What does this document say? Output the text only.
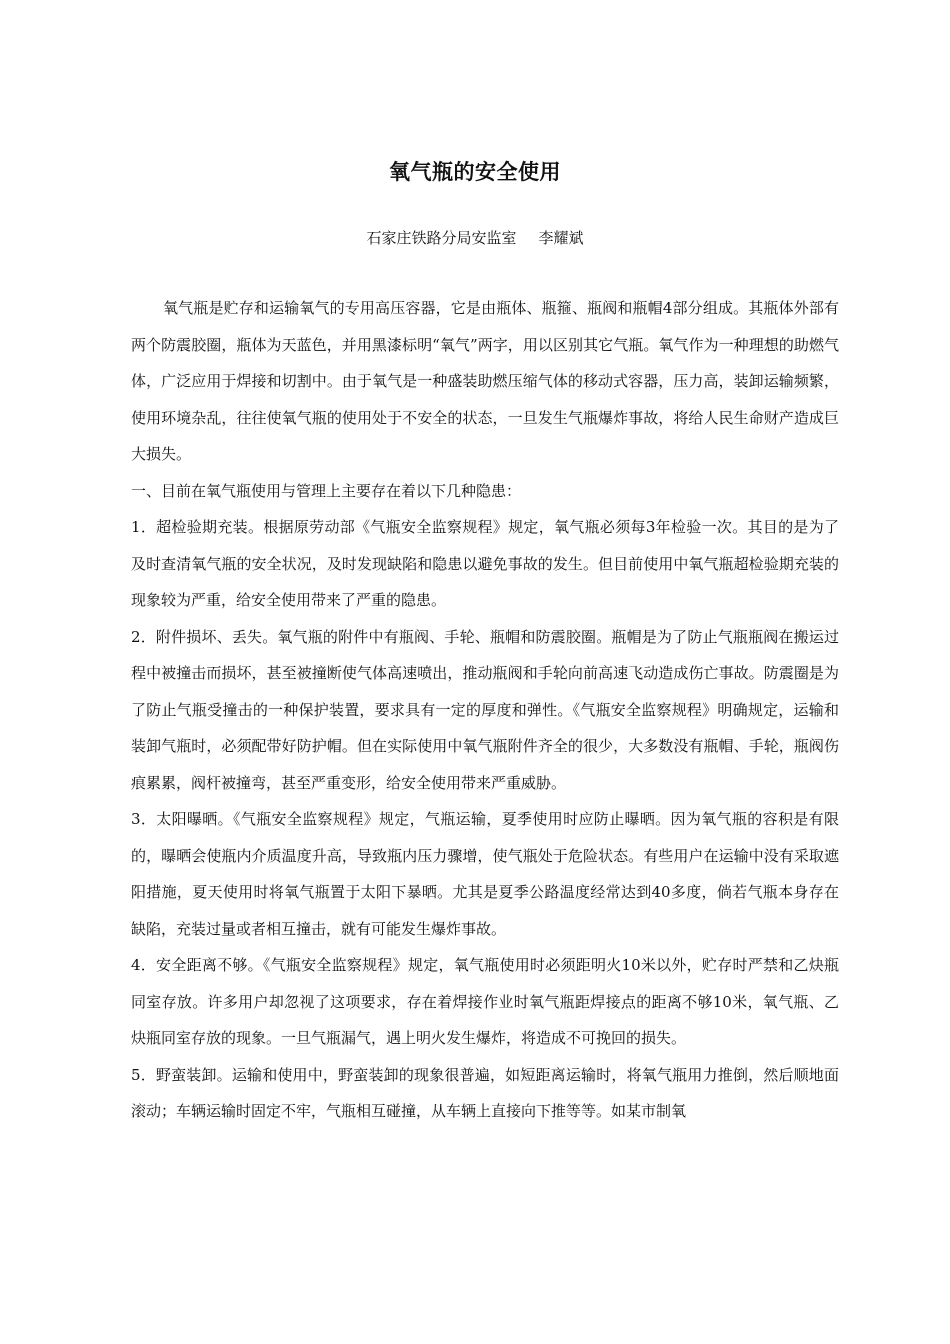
氧气瓶的安全使用
石家庄铁路分局安监室 李耀斌

氧气瓶是贮存和运输氧气的专用高压容器，它是由瓶体、瓶箍、瓶阀和瓶帽4部分组成。其瓶体外部有两个防震胶圈，瓶体为天蓝色，并用黑漆标明“氧气”两字，用以区别其它气瓶。氧气作为一种理想的助燃气体，广泛应用于焊接和切割中。由于氧气是一种盛装助燃压缩气体的移动式容器，压力高，装卸运输频繁，使用环境杂乱，往往使氧气瓶的使用处于不安全的状态，一旦发生气瓶爆炸事故，将给人民生命财产造成巨大损失。

一、目前在氧气瓶使用与管理上主要存在着以下几种隐患：

1．超检验期充装。根据原劳动部《气瓶安全监察规程》规定，氧气瓶必须每3年检验一次。其目的是为了及时查清氧气瓶的安全状况，及时发现缺陷和隐患以避免事故的发生。但目前使用中氧气瓶超检验期充装的现象较为严重，给安全使用带来了严重的隐患。

2．附件损坏、丢失。氧气瓶的附件中有瓶阀、手轮、瓶帽和防震胶圈。瓶帽是为了防止气瓶瓶阀在搬运过程中被撞击而损坏，甚至被撞断使气体高速喷出，推动瓶阀和手轮向前高速飞动造成伤亡事故。防震圈是为了防止气瓶受撞击的一种保护装置，要求具有一定的厚度和弹性。《气瓶安全监察规程》明确规定，运输和装卸气瓶时，必须配带好防护帽。但在实际使用中氧气瓶附件齐全的很少，大多数没有瓶帽、手轮，瓶阀伤痕累累，阀杆被撞弯，甚至严重变形，给安全使用带来严重威胁。

3．太阳曝晒。《气瓶安全监察规程》规定，气瓶运输，夏季使用时应防止曝晒。因为氧气瓶的容积是有限的，曝晒会使瓶内介质温度升高，导致瓶内压力骤增，使气瓶处于危险状态。有些用户在运输中没有采取遮阳措施，夏天使用时将氧气瓶置于太阳下暴晒。尤其是夏季公路温度经常达到40多度，倘若气瓶本身存在缺陷，充装过量或者相互撞击，就有可能发生爆炸事故。

4．安全距离不够。《气瓶安全监察规程》规定，氧气瓶使用时必须距明火10米以外，贮存时严禁和乙炔瓶同室存放。许多用户却忽视了这项要求，存在着焊接作业时氧气瓶距焊接点的距离不够10米，氧气瓶、乙炔瓶同室存放的现象。一旦气瓶漏气，遇上明火发生爆炸，将造成不可挽回的损失。

5．野蛮装卸。运输和使用中，野蛮装卸的现象很普遍，如短距离运输时，将氧气瓶用力推倒，然后顺地面滚动；车辆运输时固定不牢，气瓶相互碰撞，从车辆上直接向下推等等。如某市制氧
